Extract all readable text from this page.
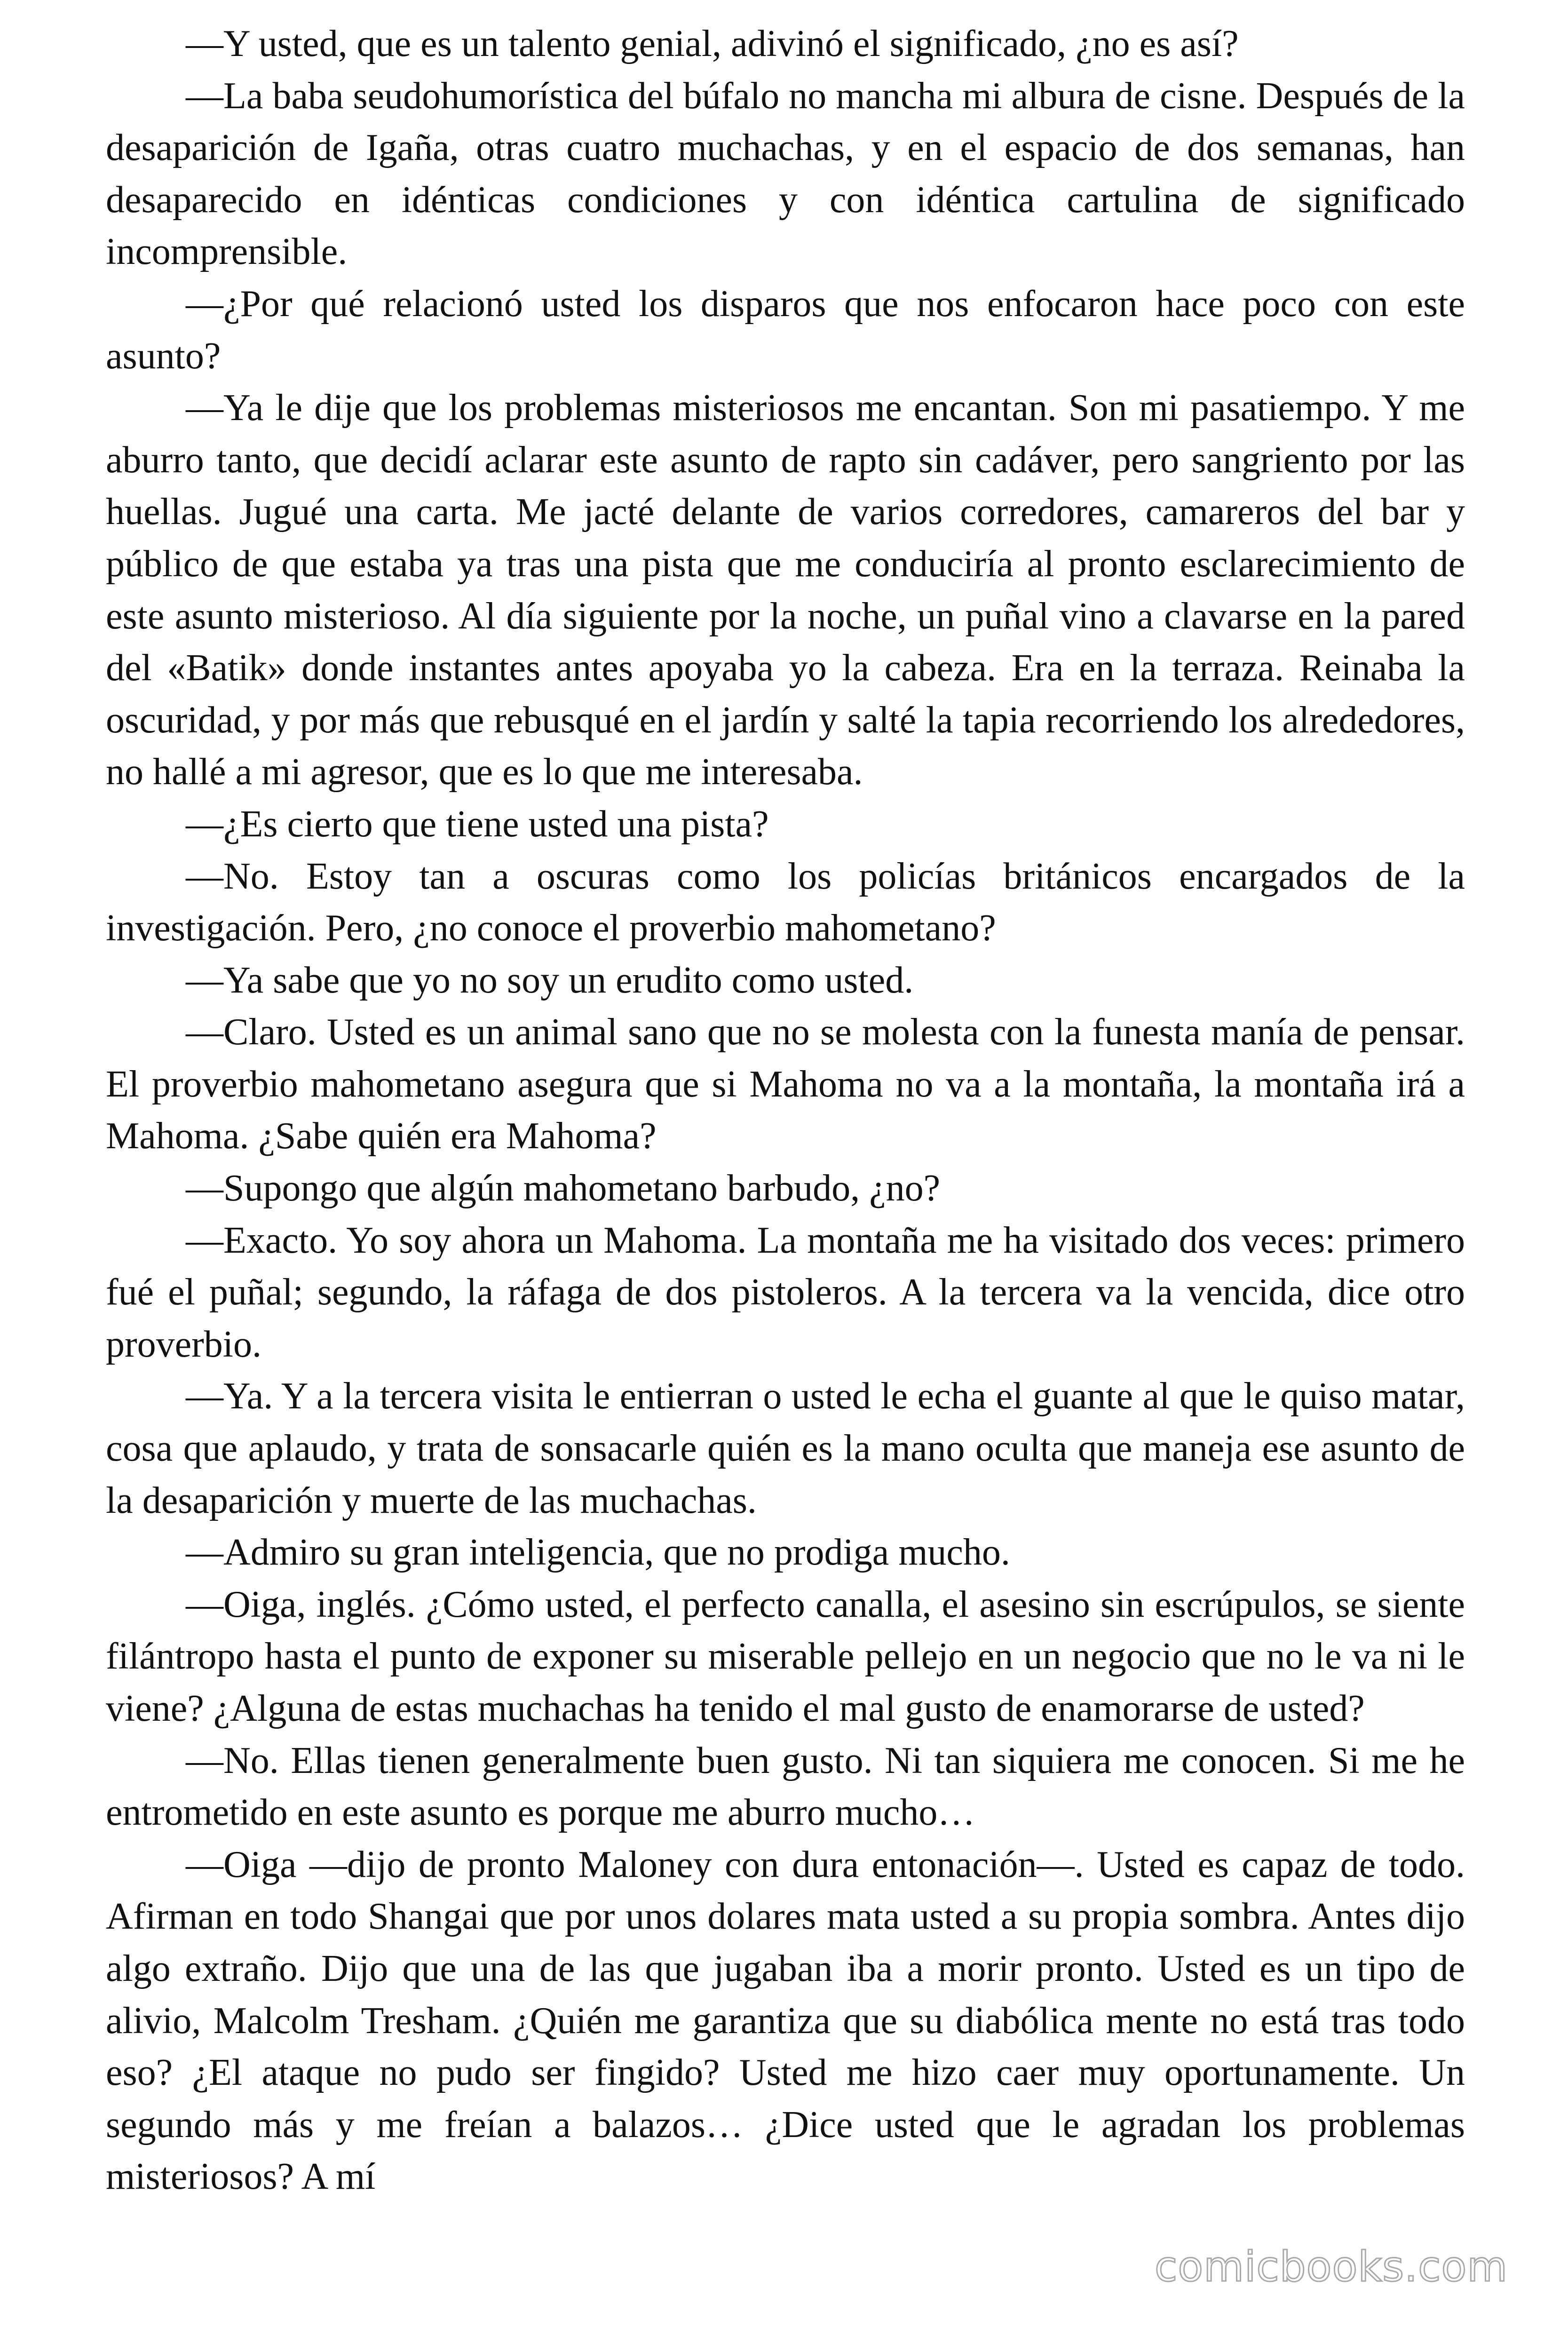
—Y usted, que es un talento genial, adivinó el significado, ¿no es así?

—La baba seudohumorística del búfalo no mancha mi albura de cisne. Después de la desaparición de Igaña, otras cuatro muchachas, y en el espacio de dos semanas, han desaparecido en idénticas condiciones y con idéntica cartulina de significado incomprensible.

—¿Por qué relacionó usted los disparos que nos enfocaron hace poco con este asunto?

—Ya le dije que los problemas misteriosos me encantan. Son mi pasatiempo. Y me aburro tanto, que decidí aclarar este asunto de rapto sin cadáver, pero sangriento por las huellas. Jugué una carta. Me jacté delante de varios corredores, camareros del bar y público de que estaba ya tras una pista que me conduciría al pronto esclarecimiento de este asunto misterioso. Al día siguiente por la noche, un puñal vino a clavarse en la pared del «Batik» donde instantes antes apoyaba yo la cabeza. Era en la terraza. Reinaba la oscuridad, y por más que rebusqué en el jardín y salté la tapia recorriendo los alrededores, no hallé a mi agresor, que es lo que me interesaba.

—¿Es cierto que tiene usted una pista?

—No. Estoy tan a oscuras como los policías británicos encargados de la investigación. Pero, ¿no conoce el proverbio mahometano?

—Ya sabe que yo no soy un erudito como usted.

—Claro. Usted es un animal sano que no se molesta con la funesta manía de pensar. El proverbio mahometano asegura que si Mahoma no va a la montaña, la montaña irá a Mahoma. ¿Sabe quién era Mahoma?

—Supongo que algún mahometano barbudo, ¿no?

—Exacto. Yo soy ahora un Mahoma. La montaña me ha visitado dos veces: primero fué el puñal; segundo, la ráfaga de dos pistoleros. A la tercera va la vencida, dice otro proverbio.

—Ya. Y a la tercera visita le entierran o usted le echa el guante al que le quiso matar, cosa que aplaudo, y trata de sonsacarle quién es la mano oculta que maneja ese asunto de la desaparición y muerte de las muchachas.

—Admiro su gran inteligencia, que no prodiga mucho.

—Oiga, inglés. ¿Cómo usted, el perfecto canalla, el asesino sin escrúpulos, se siente filántropo hasta el punto de exponer su miserable pellejo en un negocio que no le va ni le viene? ¿Alguna de estas muchachas ha tenido el mal gusto de enamorarse de usted?

—No. Ellas tienen generalmente buen gusto. Ni tan siquiera me conocen. Si me he entrometido en este asunto es porque me aburro mucho…

—Oiga —dijo de pronto Maloney con dura entonación—. Usted es capaz de todo. Afirman en todo Shangai que por unos dolares mata usted a su propia sombra. Antes dijo algo extraño. Dijo que una de las que jugaban iba a morir pronto. Usted es un tipo de alivio, Malcolm Tresham. ¿Quién me garantiza que su diabólica mente no está tras todo eso? ¿El ataque no pudo ser fingido? Usted me hizo caer muy oportunamente. Un segundo más y me freían a balazos… ¿Dice usted que le agradan los problemas misteriosos? A mí

comicbooks.com
